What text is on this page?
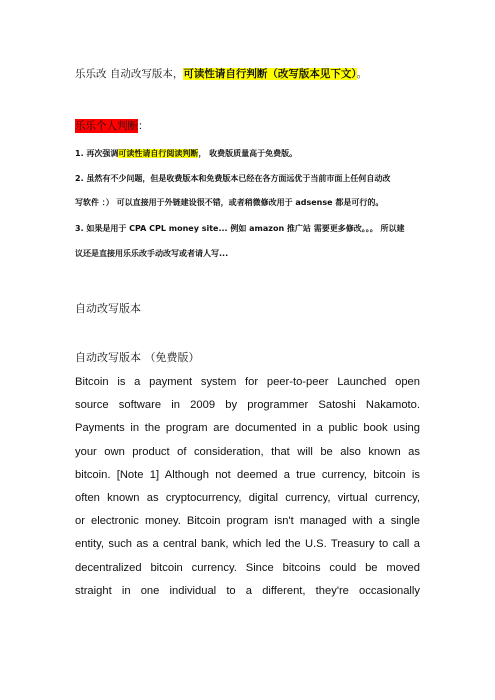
乐乐改 自动改写版本，可读性请自行判断（改写版本见下文）。
乐乐个人判断：
1. 再次强调可读性请自行阅读判断， 收费版质量高于免费版。
2. 虽然有不少问题，但是收费版本和免费版本已经在各方面远优于当前市面上任何自动改
写软件 ：） 可以直接用于外链建设很不错，或者稍微修改用于 adsense 都是可行的。
3. 如果是用于 CPA CPL money site... 例如 amazon 推广站 需要更多修改。。。 所以建
议还是直接用乐乐改手动改写或者请人写...
自动改写版本
自动改写版本 （免费版）
Bitcoin is a payment system for peer-to-peer Launched open
source software in 2009 by programmer Satoshi Nakamoto.
Payments in the program are documented in a public book using
your own product of consideration, that will be also known as
bitcoin. [Note 1] Although not deemed a true currency, bitcoin is
often known as cryptocurrency, digital currency, virtual currency,
or electronic money. Bitcoin program isn't managed with a single
entity, such as a central bank, which led the U.S. Treasury to call a
decentralized bitcoin currency. Since bitcoins could be moved
straight in one individual to a different, they're occasionally
